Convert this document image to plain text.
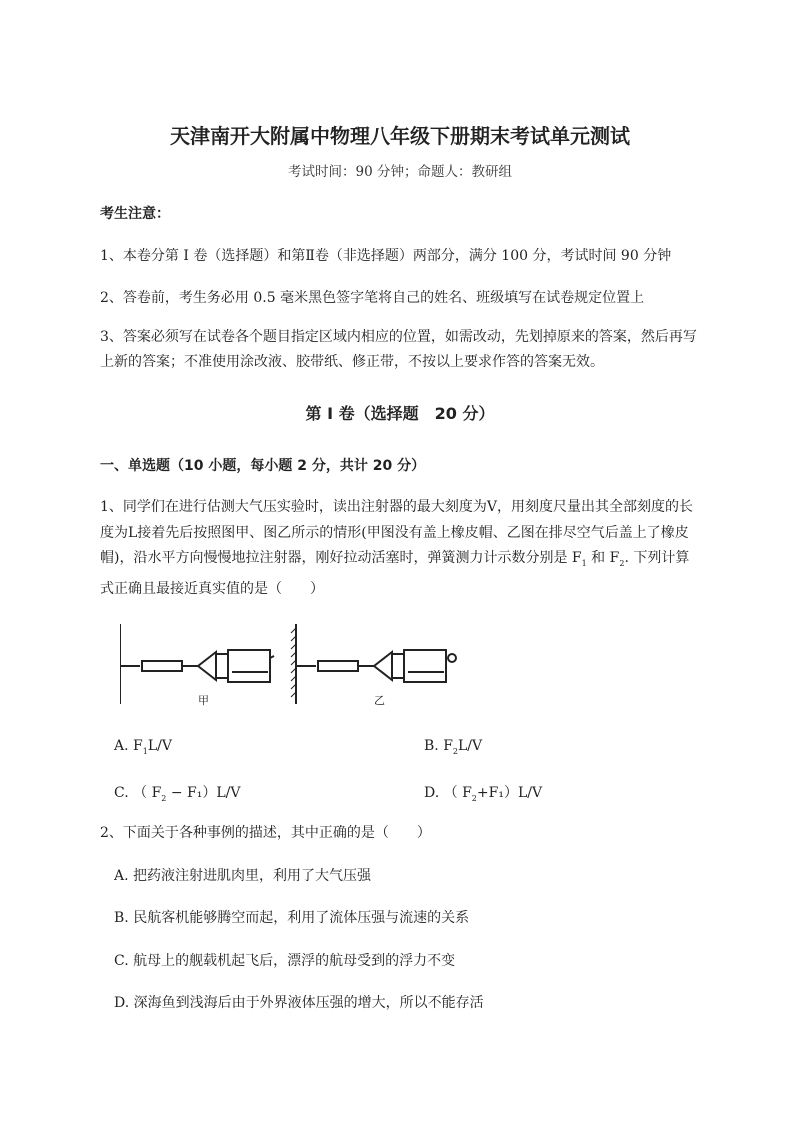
天津南开大附属中物理八年级下册期末考试单元测试
考试时间：90 分钟；命题人：教研组
考生注意：
1、本卷分第 I 卷（选择题）和第Ⅱ卷（非选择题）两部分，满分 100 分，考试时间 90 分钟
2、答卷前，考生务必用 0.5 毫米黑色签字笔将自己的姓名、班级填写在试卷规定位置上
3、答案必须写在试卷各个题目指定区域内相应的位置，如需改动，先划掉原来的答案，然后再写上新的答案；不准使用涂改液、胶带纸、修正带，不按以上要求作答的答案无效。
第 I 卷（选择题　20 分）
一、单选题（10 小题，每小题 2 分，共计 20 分）
1、同学们在进行估测大气压实验时，读出注射器的最大刻度为V，用刻度尺量出其全部刻度的长度为L接着先后按照图甲、图乙所示的情形(甲图没有盖上橡皮帽、乙图在排尽空气后盖上了橡皮帽)，沿水平方向慢慢地拉注射器，刚好拉动活塞时，弹簧测力计示数分别是 $F_1$ 和 $F_2$. 下列计算式正确且最接近真实值的是（　　）
甲	乙
A. $F_1L/V$	B. $F_2L/V$
C. （ $F_2 - F_1)L/V$	D. （ $F_2+F_1)L/V$
2、下面关于各种事例的描述，其中正确的是（　　）
A. 把药液注射进肌肉里，利用了大气压强
B. 民航客机能够腾空而起，利用了流体压强与流速的关系
C. 航母上的舰载机起飞后，漂浮的航母受到的浮力不变
D. 深海鱼到浅海后由于外界液体压强的增大，所以不能存活
